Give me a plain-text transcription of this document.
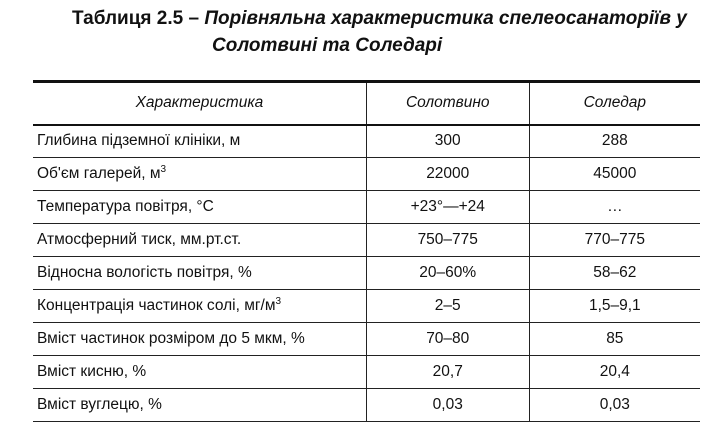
Таблиця 2.5 – Порівняльна характеристика спелеосанаторіїв у
Солотвині та Соледарі
Характеристика	Солотвино	Соледар
Глибина підземної клініки, м	300	288
Об'єм галерей, $м^3$	22000	45000
Температура повітря, °С	+23°—+24	…
Атмосферний тиск, мм.рт.ст.	750–775	770–775
Відносна вологість повітря, %	20–60%	58–62
Концентрація частинок солі, $мг/м^3$	2–5	1,5–9,1
Вміст частинок розміром до 5 мкм, %	70–80	85
Вміст кисню, %	20,7	20,4
Вміст вуглецю, %	0,03	0,03
